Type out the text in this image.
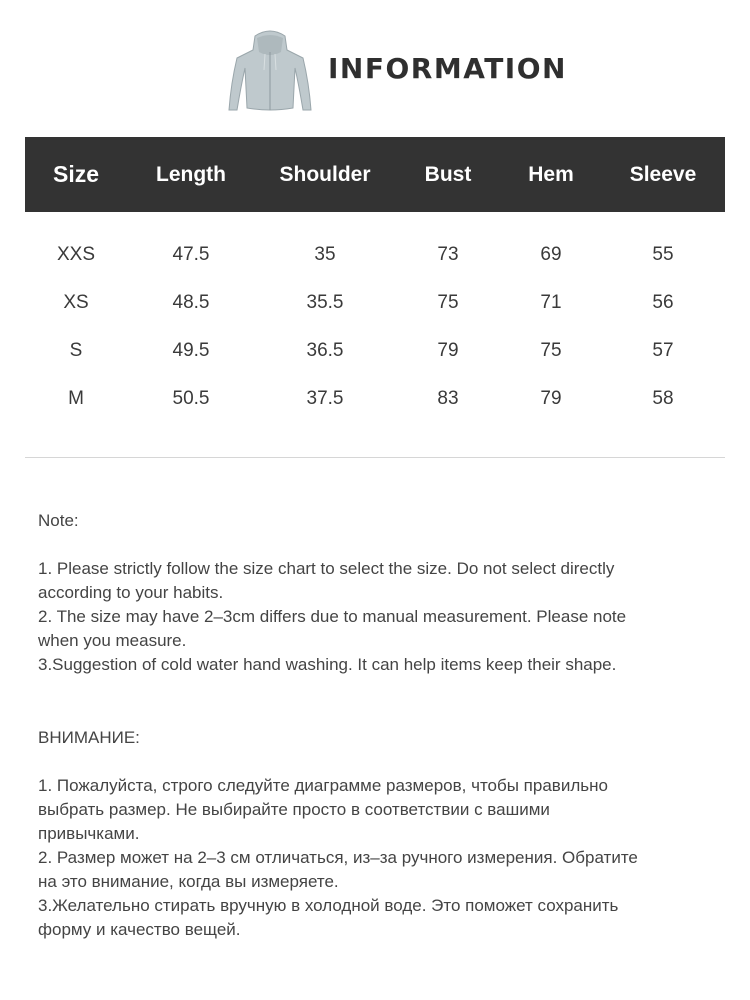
INFORMATION
Size	Length	Shoulder	Bust	Hem	Sleeve
XXS	47.5	35	73	69	55
XS	48.5	35.5	75	71	56
S	49.5	36.5	79	75	57
M	50.5	37.5	83	79	58

Note:

1. Please strictly follow the size chart to select the size. Do not select directly

according to your habits.

2. The size may have 2–3cm differs due to manual measurement. Please note

when you measure.

3.Suggestion of cold water hand washing. It can help items keep their shape.

ВНИМАНИЕ:

1. Пожалуйста, строго следуйте диаграмме размеров, чтобы правильно

выбрать размер. Не выбирайте просто в соответствии с вашими

привычками.

2. Размер может на 2–3 см отличаться, из–за ручного измерения. Обратите

на это внимание, когда вы измеряете.

3.Желательно стирать вручную в холодной воде. Это поможет сохранить

форму и качество вещей.
